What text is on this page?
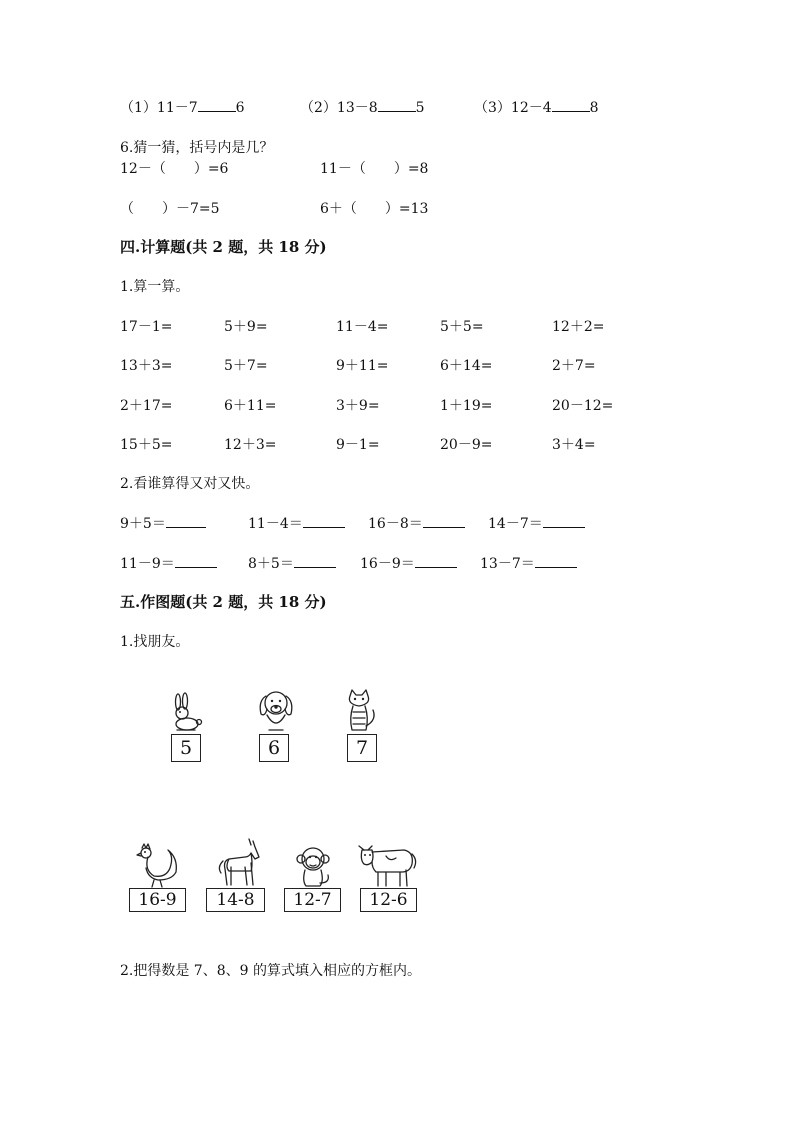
（1）11－7	6	（2）13－8	5	（3）12－4	8
6.猜一猜，括号内是几？
12－（　　）=6	11－（　　）=8
（　　）－7=5	6＋（　　）=13
四.计算题(共 2 题，共 18 分)
1.算一算。
17－1=	5＋9=	11－4=	5＋5=	12＋2=
13＋3=	5＋7=	9＋11=	6＋14=	2＋7=
2＋17=	6＋11=	3＋9=	1＋19=	20－12=
15＋5=	12＋3=	9－1=	20－9=	3＋4=
2.看谁算得又对又快。
9＋5＝	11－4＝	16－8＝	14－7＝
11－9＝	8＋5＝	16－9＝	13－7＝
五.作图题(共 2 题，共 18 分)
1.找朋友。
5	6	7
16-9	14-8	12-7	12-6
2.把得数是 7、8、9 的算式填入相应的方框内。
